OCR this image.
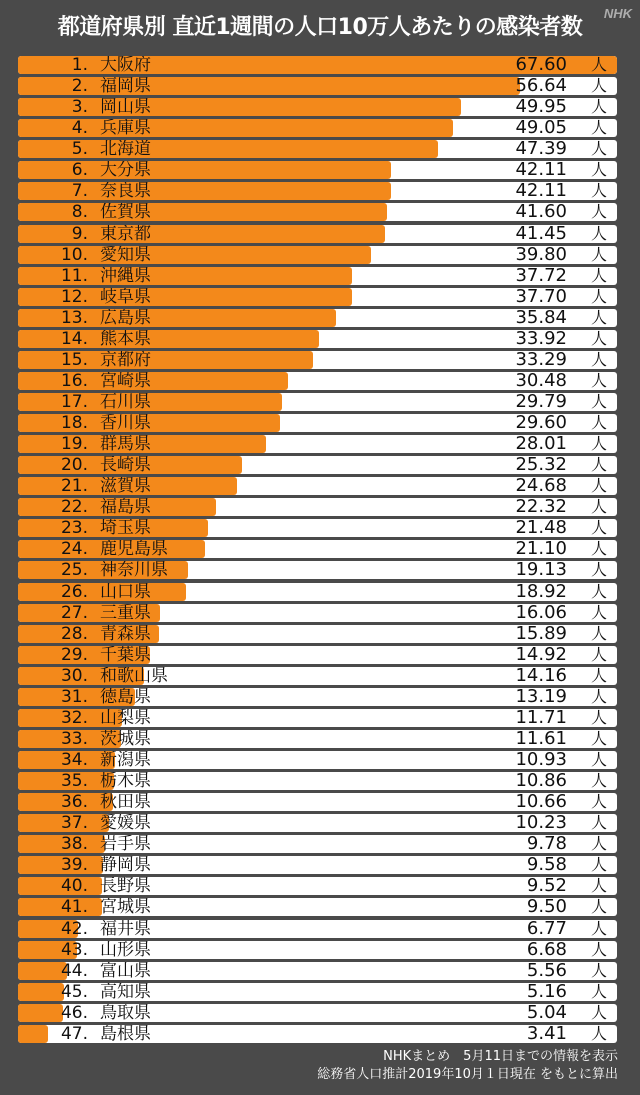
都道府県別 直近1週間の人口10万人あたりの感染者数
NHK
1. 大阪府	67.60 人
2. 福岡県	56.64 人
3. 岡山県	49.95 人
4. 兵庫県	49.05 人
5. 北海道	47.39 人
6. 大分県	42.11 人
7. 奈良県	42.11 人
8. 佐賀県	41.60 人
9. 東京都	41.45 人
10. 愛知県	39.80 人
11. 沖縄県	37.72 人
12. 岐阜県	37.70 人
13. 広島県	35.84 人
14. 熊本県	33.92 人
15. 京都府	33.29 人
16. 宮崎県	30.48 人
17. 石川県	29.79 人
18. 香川県	29.60 人
19. 群馬県	28.01 人
20. 長崎県	25.32 人
21. 滋賀県	24.68 人
22. 福島県	22.32 人
23. 埼玉県	21.48 人
24. 鹿児島県	21.10 人
25. 神奈川県	19.13 人
26. 山口県	18.92 人
27. 三重県	16.06 人
28. 青森県	15.89 人
29. 千葉県	14.92 人
30. 和歌山県	14.16 人
31. 徳島県	13.19 人
32. 山梨県	11.71 人
33. 茨城県	11.61 人
34. 新潟県	10.93 人
35. 栃木県	10.86 人
36. 秋田県	10.66 人
37. 愛媛県	10.23 人
38. 岩手県	9.78 人
39. 静岡県	9.58 人
40. 長野県	9.52 人
41. 宮城県	9.50 人
42. 福井県	6.77 人
43. 山形県	6.68 人
44. 富山県	5.56 人
45. 高知県	5.16 人
46. 鳥取県	5.04 人
47. 島根県	3.41 人
NHKまとめ　5月11日までの情報を表示
総務省人口推計2019年10月１日現在 をもとに算出
